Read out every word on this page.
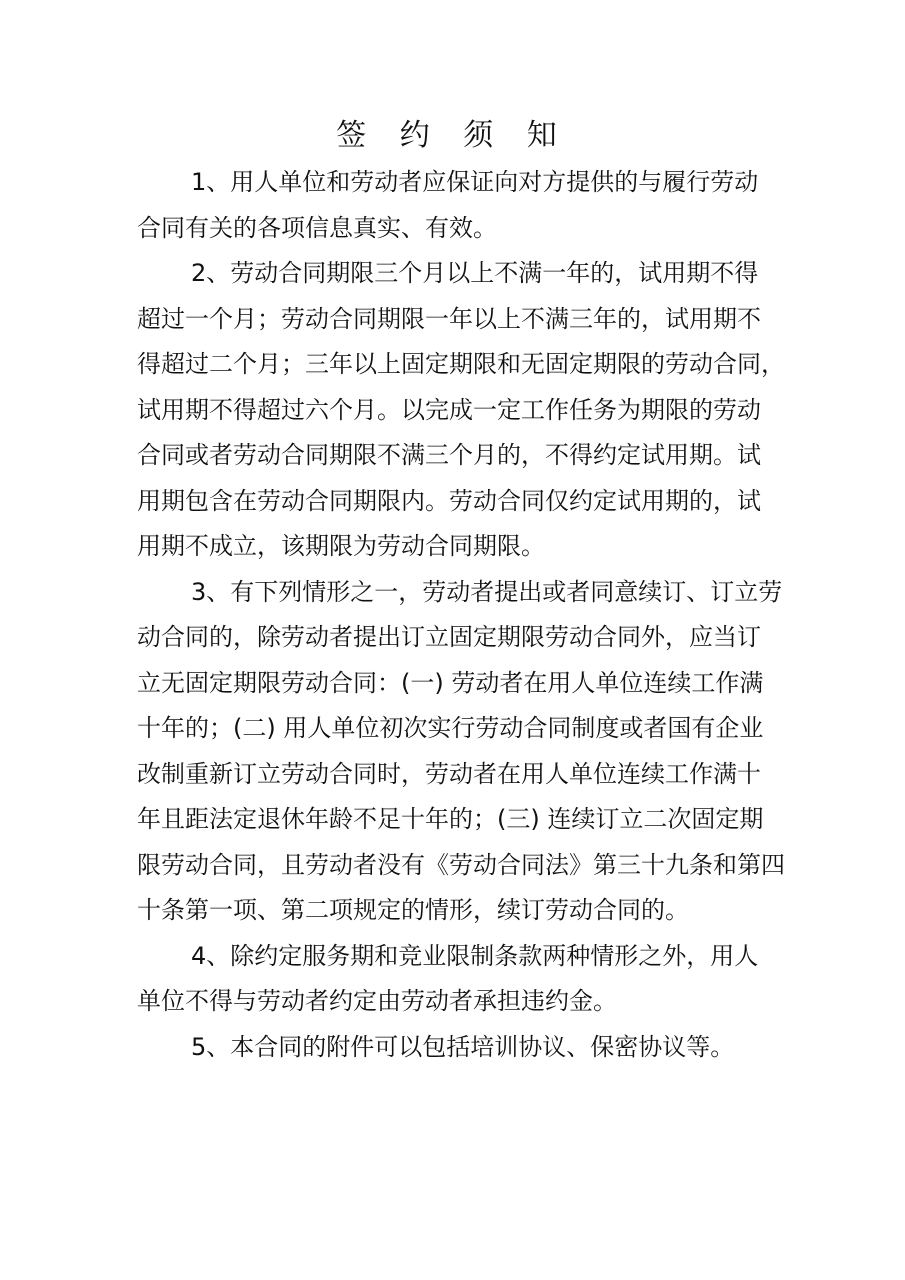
签 约 须 知

1、用人单位和劳动者应保证向对方提供的与履行劳动
合同有关的各项信息真实、有效。

2、劳动合同期限三个月以上不满一年的，试用期不得
超过一个月；劳动合同期限一年以上不满三年的，试用期不
得超过二个月；三年以上固定期限和无固定期限的劳动合同，
试用期不得超过六个月。以完成一定工作任务为期限的劳动
合同或者劳动合同期限不满三个月的，不得约定试用期。试
用期包含在劳动合同期限内。劳动合同仅约定试用期的，试
用期不成立，该期限为劳动合同期限。

3、有下列情形之一，劳动者提出或者同意续订、订立劳
动合同的，除劳动者提出订立固定期限劳动合同外，应当订
立无固定期限劳动合同：(一) 劳动者在用人单位连续工作满
十年的；(二) 用人单位初次实行劳动合同制度或者国有企业
改制重新订立劳动合同时，劳动者在用人单位连续工作满十
年且距法定退休年龄不足十年的；(三) 连续订立二次固定期
限劳动合同，且劳动者没有《劳动合同法》第三十九条和第四
十条第一项、第二项规定的情形，续订劳动合同的。

4、除约定服务期和竞业限制条款两种情形之外，用人
单位不得与劳动者约定由劳动者承担违约金。

5、本合同的附件可以包括培训协议、保密协议等。
